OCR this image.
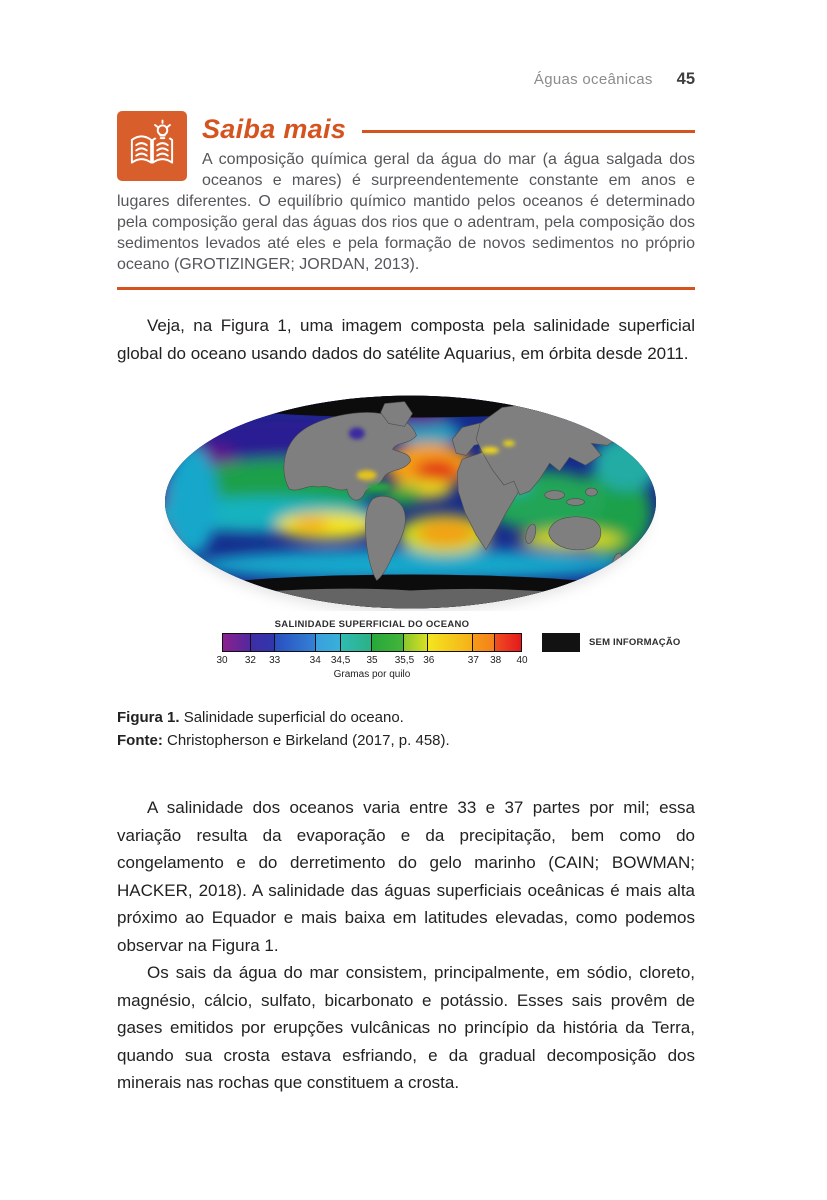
Águas oceânicas 45
Saiba mais

A composição química geral da água do mar (a água salgada dos oceanos e mares) é surpreendentemente constante em anos e lugares diferentes. O equilíbrio químico mantido pelos oceanos é determinado pela composição geral das águas dos rios que o adentram, pela composição dos sedimentos levados até eles e pela formação de novos sedimentos no próprio oceano (GROTIZINGER; JORDAN, 2013).

Veja, na Figura 1, uma imagem composta pela salinidade superficial global do oceano usando dados do satélite Aquarius, em órbita desde 2011.

SALINIDADE SUPERFICIAL DO OCEANO
30 32 33	34 34,5 35 35,5 36	37 38 40
Gramas por quilo
SEM INFORMAÇÃO

Figura 1. Salinidade superficial do oceano.

Fonte: Christopherson e Birkeland (2017, p. 458).

A salinidade dos oceanos varia entre 33 e 37 partes por mil; essa variação resulta da evaporação e da precipitação, bem como do congelamento e do derretimento do gelo marinho (CAIN; BOWMAN; HACKER, 2018). A salinidade das águas superficiais oceânicas é mais alta próximo ao Equador e mais baixa em latitudes elevadas, como podemos observar na Figura 1.

Os sais da água do mar consistem, principalmente, em sódio, cloreto, magnésio, cálcio, sulfato, bicarbonato e potássio. Esses sais provêm de gases emitidos por erupções vulcânicas no princípio da história da Terra, quando sua crosta estava esfriando, e da gradual decomposição dos minerais nas rochas que constituem a crosta.
